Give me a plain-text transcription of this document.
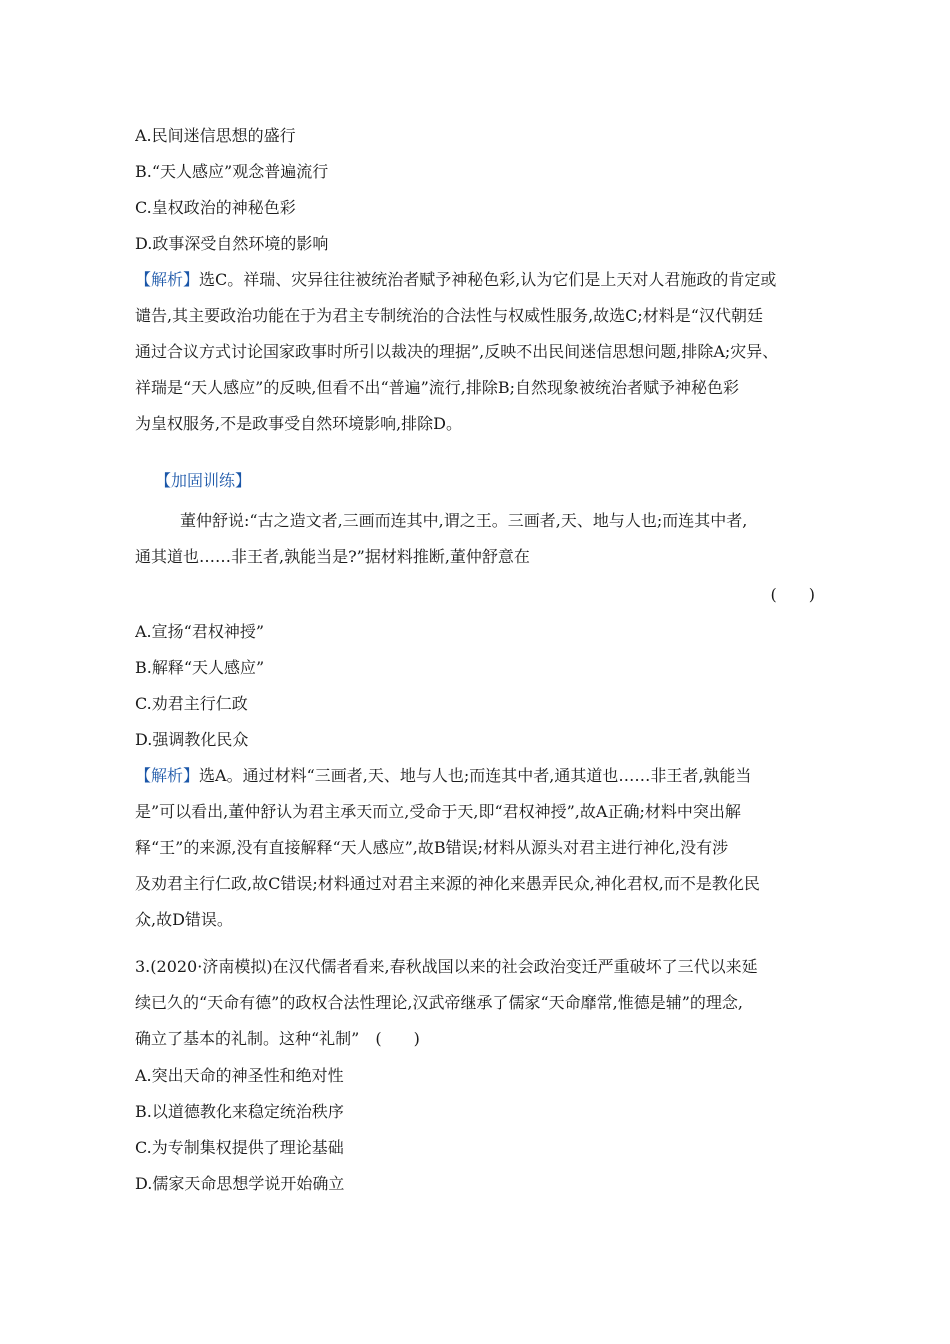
A.民间迷信思想的盛行
B.“天人感应”观念普遍流行
C.皇权政治的神秘色彩
D.政事深受自然环境的影响
【解析】选C。祥瑞、灾异往往被统治者赋予神秘色彩,认为它们是上天对人君施政的肯定或
谴告,其主要政治功能在于为君主专制统治的合法性与权威性服务,故选C;材料是“汉代朝廷
通过合议方式讨论国家政事时所引以裁决的理据”,反映不出民间迷信思想问题,排除A;灾异、
祥瑞是“天人感应”的反映,但看不出“普遍”流行,排除B;自然现象被统治者赋予神秘色彩
为皇权服务,不是政事受自然环境影响,排除D。
【加固训练】
董仲舒说:“古之造文者,三画而连其中,谓之王。三画者,天、地与人也;而连其中者,
通其道也……非王者,孰能当是?”据材料推断,董仲舒意在
(　　)
A.宣扬“君权神授”
B.解释“天人感应”
C.劝君主行仁政
D.强调教化民众
【解析】选A。通过材料“三画者,天、地与人也;而连其中者,通其道也……非王者,孰能当
是”可以看出,董仲舒认为君主承天而立,受命于天,即“君权神授”,故A正确;材料中突出解
释“王”的来源,没有直接解释“天人感应”,故B错误;材料从源头对君主进行神化,没有涉
及劝君主行仁政,故C错误;材料通过对君主来源的神化来愚弄民众,神化君权,而不是教化民
众,故D错误。
3.(2020·济南模拟)在汉代儒者看来,春秋战国以来的社会政治变迁严重破坏了三代以来延
续已久的“天命有德”的政权合法性理论,汉武帝继承了儒家“天命靡常,惟德是辅”的理念,
确立了基本的礼制。这种“礼制”　(　　)
A.突出天命的神圣性和绝对性
B.以道德教化来稳定统治秩序
C.为专制集权提供了理论基础
D.儒家天命思想学说开始确立
